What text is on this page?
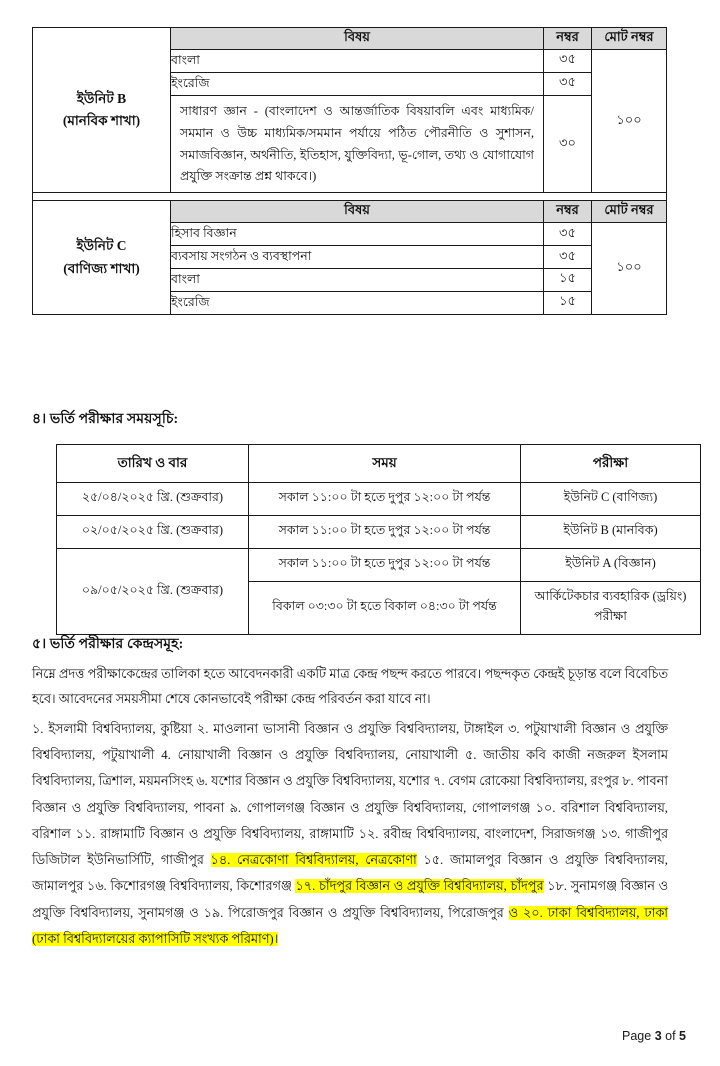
ইউনিট B
(মানবিক শাখা)	বিষয়	নম্বর	মোট নম্বর
	বাংলা	৩৫	১০০
	ইংরেজি	৩৫	
	সাধারণ জ্ঞান - (বাংলাদেশ ও আন্তর্জাতিক বিষয়াবলি এবং মাধ্যমিক/সমমান ও উচ্চ মাধ্যমিক/সমমান পর্যায়ে পঠিত পৌরনীতি ও সুশাসন, সমাজবিজ্ঞান, অর্থনীতি, ইতিহাস, যুক্তিবিদ্যা, ভূ-গোল, তথ্য ও যোগাযোগ প্রযুক্তি সংক্রান্ত প্রশ্ন থাকবে।)	৩০	

ইউনিট C
(বাণিজ্য শাখা)	বিষয়	নম্বর	মোট নম্বর
	হিসাব বিজ্ঞান	৩৫	১০০
	ব্যবসায় সংগঠন ও ব্যবস্থাপনা	৩৫	
	বাংলা	১৫	
	ইংরেজি	১৫	
৪। ভর্তি পরীক্ষার সময়সূচি:
তারিখ ও বার	সময়	পরীক্ষা
২৫/০৪/২০২৫ খ্রি. (শুক্রবার)	সকাল ১১:০০ টা হতে দুপুর ১২:০০ টা পর্যন্ত	ইউনিট C (বাণিজ্য)
০২/০৫/২০২৫ খ্রি. (শুক্রবার)	সকাল ১১:০০ টা হতে দুপুর ১২:০০ টা পর্যন্ত	ইউনিট B (মানবিক)
০৯/০৫/২০২৫ খ্রি. (শুক্রবার)	সকাল ১১:০০ টা হতে দুপুর ১২:০০ টা পর্যন্ত	ইউনিট A (বিজ্ঞান)
	বিকাল ০৩:৩০ টা হতে বিকাল ০৪:৩০ টা পর্যন্ত	আর্কিটেকচার ব্যবহারিক (ড্রয়িং) পরীক্ষা
৫। ভর্তি পরীক্ষার কেন্দ্রসমূহ:
নিম্নে প্রদত্ত পরীক্ষাকেন্দ্রের তালিকা হতে আবেদনকারী একটি মাত্র কেন্দ্র পছন্দ করতে পারবে। পছন্দকৃত কেন্দ্রই চূড়ান্ত বলে বিবেচিত হবে। আবেদনের সময়সীমা শেষে কোনভাবেই পরীক্ষা কেন্দ্র পরিবর্তন করা যাবে না।
১. ইসলামী বিশ্ববিদ্যালয়, কুষ্টিয়া ২. মাওলানা ভাসানী বিজ্ঞান ও প্রযুক্তি বিশ্ববিদ্যালয়, টাঙ্গাইল ৩. পটুয়াখালী বিজ্ঞান ও প্রযুক্তি বিশ্ববিদ্যালয়, পটুয়াখালী 4. নোয়াখালী বিজ্ঞান ও প্রযুক্তি বিশ্ববিদ্যালয়, নোয়াখালী ৫. জাতীয় কবি কাজী নজরুল ইসলাম বিশ্ববিদ্যালয়, ত্রিশাল, ময়মনসিংহ ৬. যশোর বিজ্ঞান ও প্রযুক্তি বিশ্ববিদ্যালয়, যশোর ৭. বেগম রোকেয়া বিশ্ববিদ্যালয়, রংপুর ৮. পাবনা বিজ্ঞান ও প্রযুক্তি বিশ্ববিদ্যালয়, পাবনা ৯. গোপালগঞ্জ বিজ্ঞান ও প্রযুক্তি বিশ্ববিদ্যালয়, গোপালগঞ্জ ১০. বরিশাল বিশ্ববিদ্যালয়, বরিশাল ১১. রাঙ্গামাটি বিজ্ঞান ও প্রযুক্তি বিশ্ববিদ্যালয়, রাঙ্গামাটি ১২. রবীন্দ্র বিশ্ববিদ্যালয়, বাংলাদেশ, সিরাজগঞ্জ ১৩. গাজীপুর ডিজিটাল ইউনিভার্সিটি, গাজীপুর ১৪. নেত্রকোণা বিশ্ববিদ্যালয়, নেত্রকোণা ১৫. জামালপুর বিজ্ঞান ও প্রযুক্তি বিশ্ববিদ্যালয়, জামালপুর ১৬. কিশোরগঞ্জ বিশ্ববিদ্যালয়, কিশোরগঞ্জ ১৭. চাঁদপুর বিজ্ঞান ও প্রযুক্তি বিশ্ববিদ্যালয়, চাঁদপুর ১৮. সুনামগঞ্জ বিজ্ঞান ও প্রযুক্তি বিশ্ববিদ্যালয়, সুনামগঞ্জ ও ১৯. পিরোজপুর বিজ্ঞান ও প্রযুক্তি বিশ্ববিদ্যালয়, পিরোজপুর ও ২০. ঢাকা বিশ্ববিদ্যালয়, ঢাকা (ঢাকা বিশ্ববিদ্যালয়ের ক্যাপাসিটি সংখ্যক পরিমাণ)।
Page 3 of 5
